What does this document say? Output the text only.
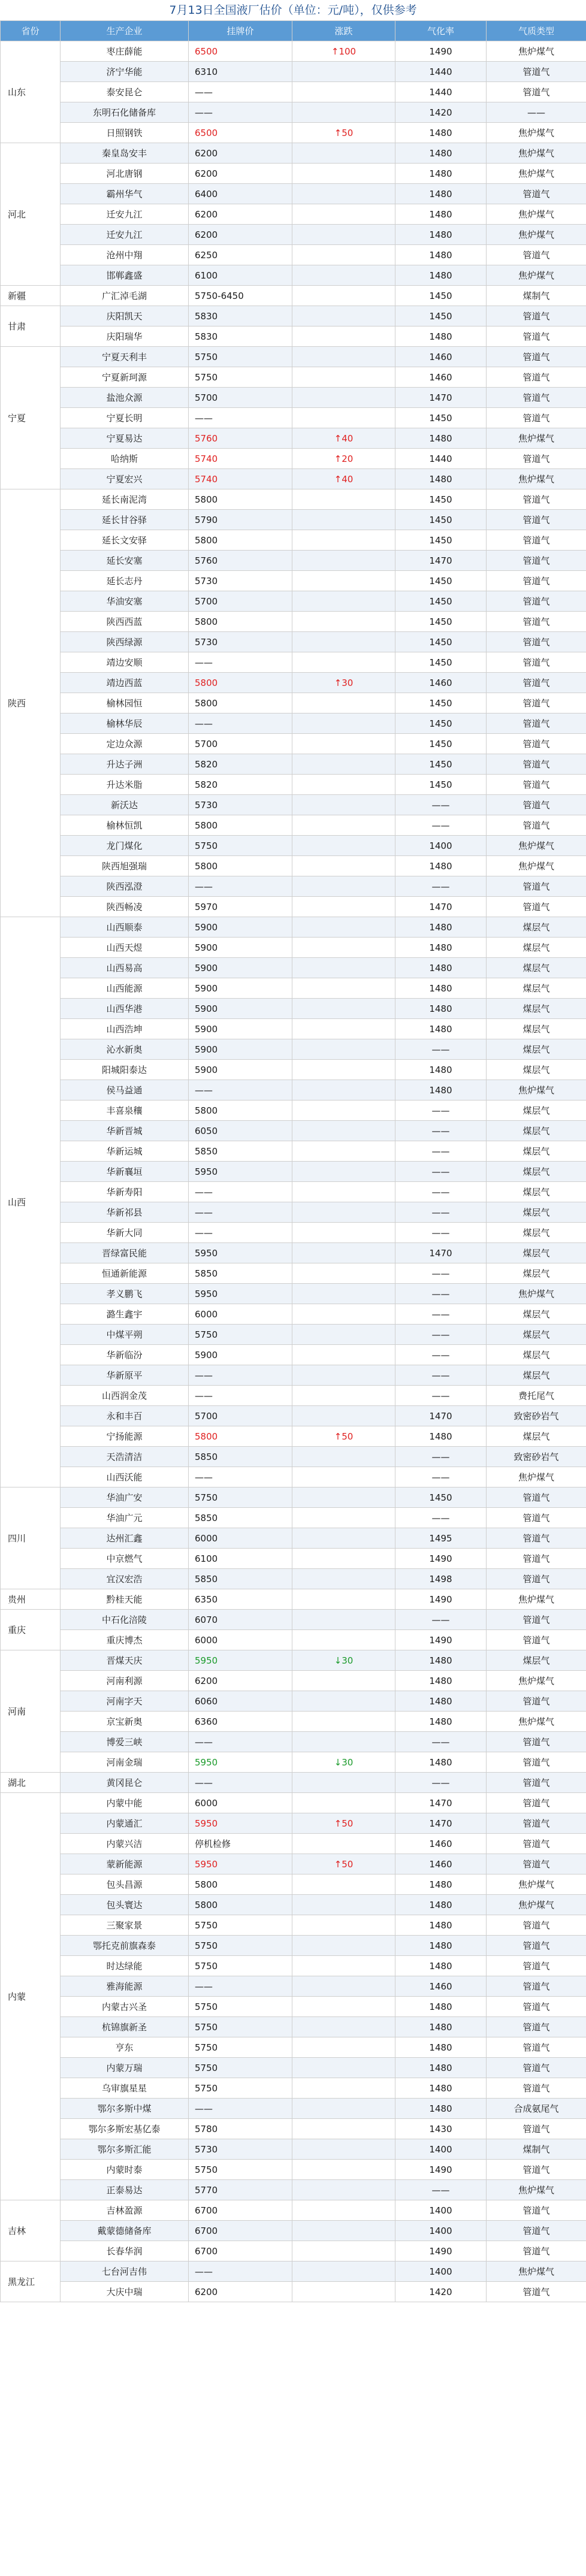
7月13日全国液厂估价（单位：元/吨），仅供参考
省份	生产企业	挂牌价	涨跌	气化率	气质类型
山东	枣庄薛能	6500	↑100	1490	焦炉煤气
	济宁华能	6310		1440	管道气
	泰安昆仑	——		1440	管道气
	东明石化储备库	——		1420	——
	日照钢铁	6500	↑50	1480	焦炉煤气
河北	秦皇岛安丰	6200		1480	焦炉煤气
	河北唐钢	6200		1480	焦炉煤气
	霸州华气	6400		1480	管道气
	迁安九江	6200		1480	焦炉煤气
	迁安九江	6200		1480	焦炉煤气
	沧州中翔	6250		1480	管道气
	邯郸鑫盛	6100		1480	焦炉煤气
新疆	广汇淖毛湖	5750-6450		1450	煤制气
甘肃	庆阳凯天	5830		1450	管道气
	庆阳瑞华	5830		1480	管道气
宁夏	宁夏天利丰	5750		1460	管道气
	宁夏新珂源	5750		1460	管道气
	盐池众源	5700		1470	管道气
	宁夏长明	——		1450	管道气
	宁夏易达	5760	↑40	1480	焦炉煤气
	哈纳斯	5740	↑20	1440	管道气
	宁夏宏兴	5740	↑40	1480	焦炉煤气
陕西	延长南泥湾	5800		1450	管道气
	延长甘谷驿	5790		1450	管道气
	延长文安驿	5800		1450	管道气
	延长安塞	5760		1470	管道气
	延长志丹	5730		1450	管道气
	华油安塞	5700		1450	管道气
	陕西西蓝	5800		1450	管道气
	陕西绿源	5730		1450	管道气
	靖边安顺	——		1450	管道气
	靖边西蓝	5800	↑30	1460	管道气
	榆林园恒	5800		1450	管道气
	榆林华辰	——		1450	管道气
	定边众源	5700		1450	管道气
	升达子洲	5820		1450	管道气
	升达米脂	5820		1450	管道气
	新沃达	5730		——	管道气
	榆林恒凯	5800		——	管道气
	龙门煤化	5750		1400	焦炉煤气
	陕西旭强瑞	5800		1480	焦炉煤气
	陕西泓澄	——		——	管道气
	陕西畅凌	5970		1470	管道气
山西	山西顺泰	5900		1480	煤层气
	山西天煜	5900		1480	煤层气
	山西易高	5900		1480	煤层气
	山西能源	5900		1480	煤层气
	山西华港	5900		1480	煤层气
	山西浩坤	5900		1480	煤层气
	沁水新奥	5900		——	煤层气
	阳城阳泰达	5900		1480	煤层气
	侯马益通	——		1480	焦炉煤气
	丰喜泉穰	5800		——	煤层气
	华新晋城	6050		——	煤层气
	华新运城	5850		——	煤层气
	华新襄垣	5950		——	煤层气
	华新寿阳	——		——	煤层气
	华新祁县	——		——	煤层气
	华新大同	——		——	煤层气
	晋绿富民能	5950		1470	煤层气
	恒通新能源	5850		——	煤层气
	孝义鹏飞	5950		——	焦炉煤气
	潞生鑫宇	6000		——	煤层气
	中煤平朔	5750		——	煤层气
	华新临汾	5900		——	煤层气
	华新原平	——		——	煤层气
	山西润金茂	——		——	费托尾气
	永和丰百	5700		1470	致密砂岩气
	宁扬能源	5800	↑50	1480	煤层气
	天浩清洁	5850		——	致密砂岩气
	山西沃能	——		——	焦炉煤气
四川	华油广安	5750		1450	管道气
	华油广元	5850		——	管道气
	达州汇鑫	6000		1495	管道气
	中京燃气	6100		1490	管道气
	宜汉宏浩	5850		1498	管道气
贵州	黔桂天能	6350		1490	焦炉煤气
重庆	中石化涪陵	6070		——	管道气
	重庆博杰	6000		1490	管道气
河南	晋煤天庆	5950	↓30	1480	煤层气
	河南利源	6200		1480	焦炉煤气
	河南字天	6060		1480	管道气
	京宝新奥	6360		1480	焦炉煤气
	博爱三峡	——		——	管道气
	河南金瑞	5950	↓30	1480	管道气
湖北	黄冈昆仑	——		——	管道气
内蒙	内蒙中能	6000		1470	管道气
	内蒙通汇	5950	↑50	1470	管道气
	内蒙兴洁	停机检修		1460	管道气
	蒙新能源	5950	↑50	1460	管道气
	包头昌源	5800		1480	焦炉煤气
	包头寰达	5800		1480	焦炉煤气
	三聚家景	5750		1480	管道气
	鄂托克前旗森泰	5750		1480	管道气
	时达绿能	5750		1480	管道气
	雅海能源	——		1460	管道气
	内蒙古兴圣	5750		1480	管道气
	杭锦旗新圣	5750		1480	管道气
	亨东	5750		1480	管道气
	内蒙万瑞	5750		1480	管道气
	乌审旗星星	5750		1480	管道气
	鄂尔多斯中煤	——		1480	合成氨尾气
	鄂尔多斯宏基亿泰	5780		1430	管道气
	鄂尔多斯汇能	5730		1400	煤制气
	内蒙时泰	5750		1490	管道气
	正泰易达	5770		——	焦炉煤气
吉林	吉林盈源	6700		1400	管道气
	戴蒙德储备库	6700		1400	管道气
	长春华润	6700		1490	管道气
黑龙江	七台河吉伟	——		1400	焦炉煤气
	大庆中瑞	6200		1420	管道气
